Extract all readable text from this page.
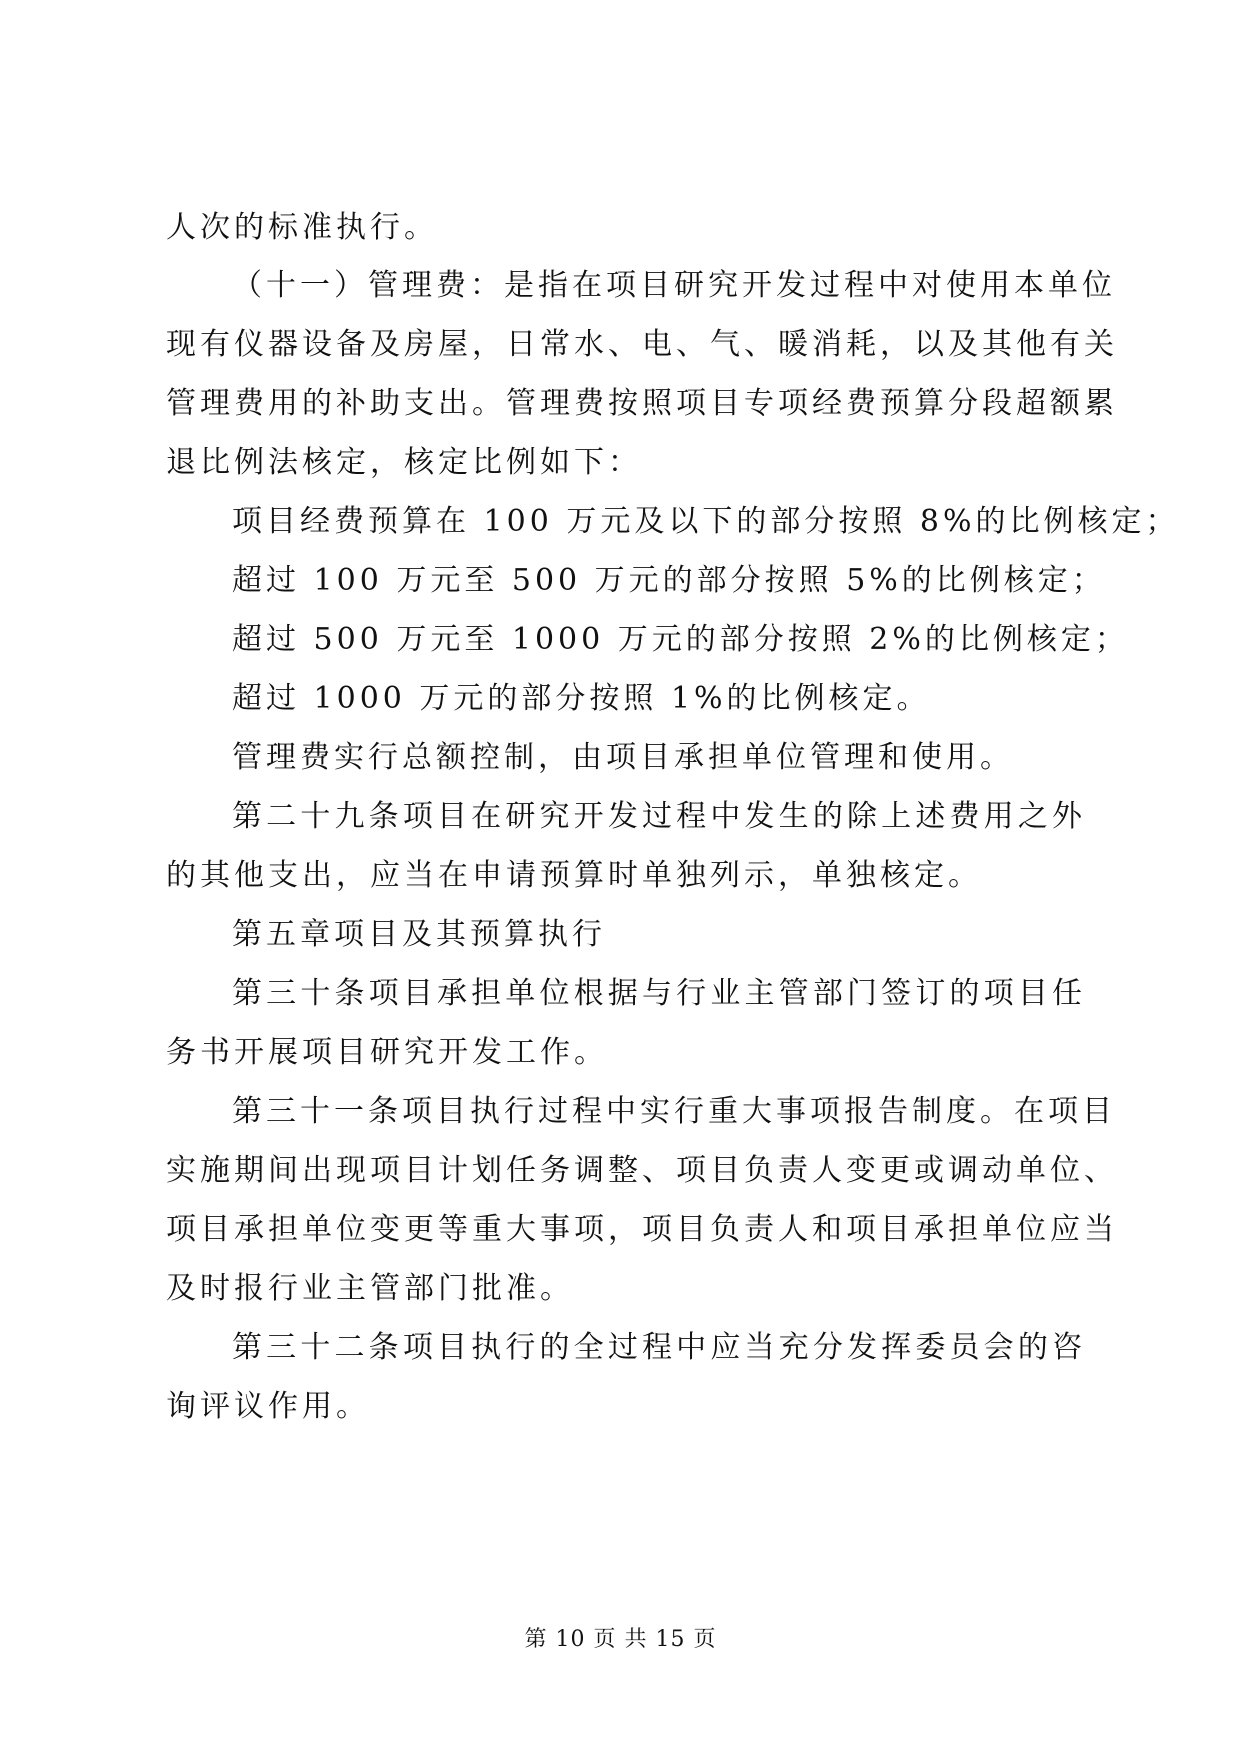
人次的标准执行。
（十一）管理费：是指在项目研究开发过程中对使用本单位
现有仪器设备及房屋，日常水、电、气、暖消耗，以及其他有关
管理费用的补助支出。管理费按照项目专项经费预算分段超额累
退比例法核定，核定比例如下：
项目经费预算在 100 万元及以下的部分按照 8%的比例核定；
超过 100 万元至 500 万元的部分按照 5%的比例核定；
超过 500 万元至 1000 万元的部分按照 2%的比例核定；
超过 1000 万元的部分按照 1%的比例核定。
管理费实行总额控制，由项目承担单位管理和使用。
第二十九条项目在研究开发过程中发生的除上述费用之外
的其他支出，应当在申请预算时单独列示，单独核定。
第五章项目及其预算执行
第三十条项目承担单位根据与行业主管部门签订的项目任
务书开展项目研究开发工作。
第三十一条项目执行过程中实行重大事项报告制度。在项目
实施期间出现项目计划任务调整、项目负责人变更或调动单位、
项目承担单位变更等重大事项，项目负责人和项目承担单位应当
及时报行业主管部门批准。
第三十二条项目执行的全过程中应当充分发挥委员会的咨
询评议作用。
第 10 页 共 15 页
